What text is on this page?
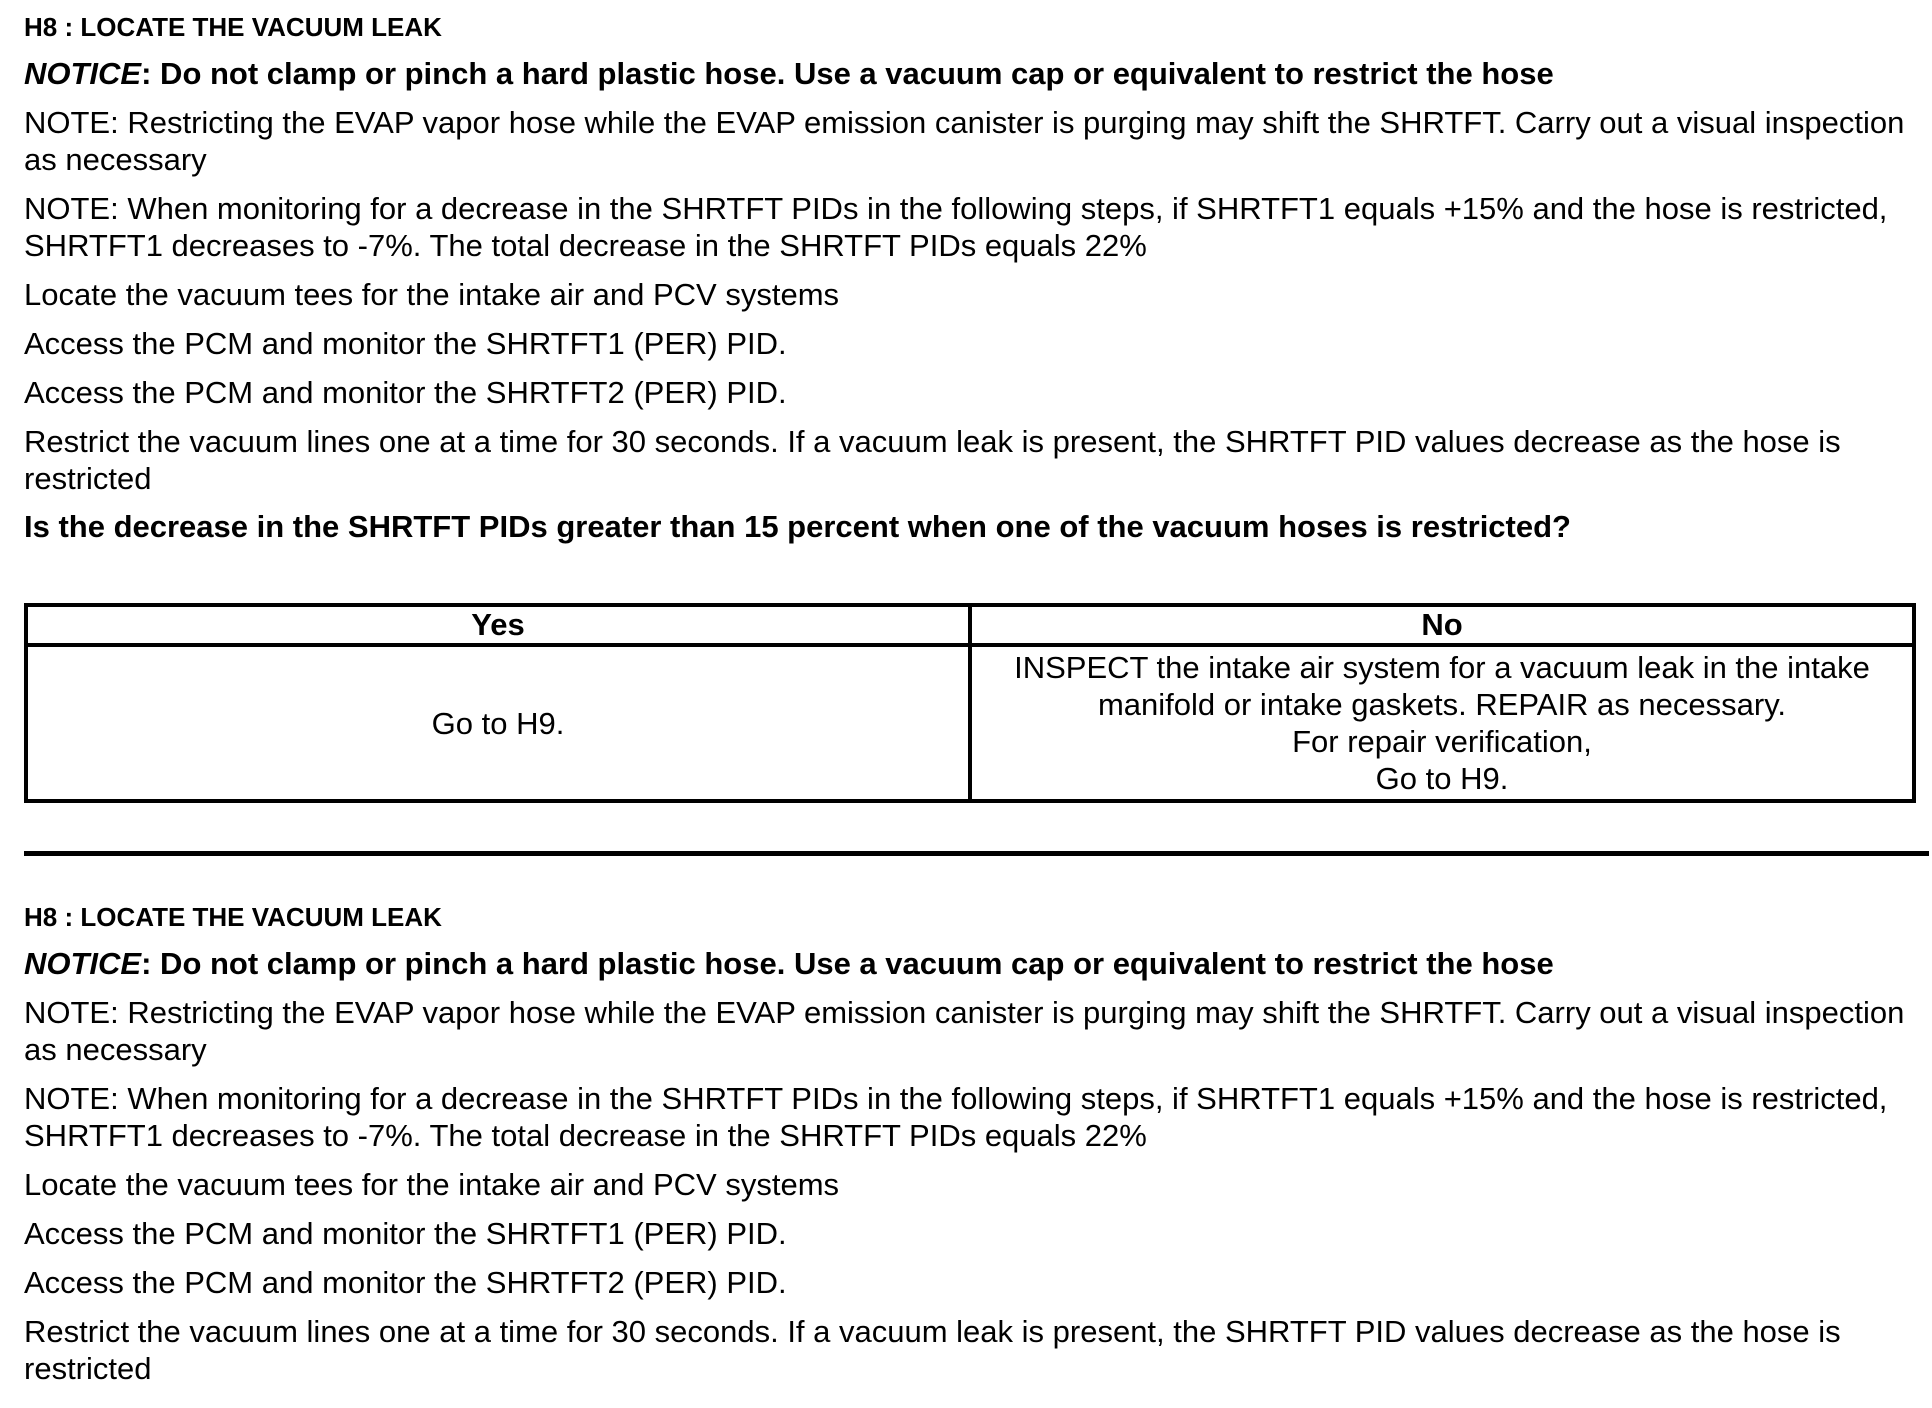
H8 : LOCATE THE VACUUM LEAK
NOTICE: Do not clamp or pinch a hard plastic hose. Use a vacuum cap or equivalent to restrict the hose
NOTE: Restricting the EVAP vapor hose while the EVAP emission canister is purging may shift the SHRTFT. Carry out a visual inspection as necessary
NOTE: When monitoring for a decrease in the SHRTFT PIDs in the following steps, if SHRTFT1 equals +15% and the hose is restricted, SHRTFT1 decreases to -7%. The total decrease in the SHRTFT PIDs equals 22%
Locate the vacuum tees for the intake air and PCV systems
Access the PCM and monitor the SHRTFT1 (PER) PID.
Access the PCM and monitor the SHRTFT2 (PER) PID.
Restrict the vacuum lines one at a time for 30 seconds. If a vacuum leak is present, the SHRTFT PID values decrease as the hose is restricted
Is the decrease in the SHRTFT PIDs greater than 15 percent when one of the vacuum hoses is restricted?
Yes	No
Go to H9.	INSPECT the intake air system for a vacuum leak in the intake
manifold or intake gaskets. REPAIR as necessary.
For repair verification,
Go to H9.
H8 : LOCATE THE VACUUM LEAK
NOTICE: Do not clamp or pinch a hard plastic hose. Use a vacuum cap or equivalent to restrict the hose
NOTE: Restricting the EVAP vapor hose while the EVAP emission canister is purging may shift the SHRTFT. Carry out a visual inspection as necessary
NOTE: When monitoring for a decrease in the SHRTFT PIDs in the following steps, if SHRTFT1 equals +15% and the hose is restricted, SHRTFT1 decreases to -7%. The total decrease in the SHRTFT PIDs equals 22%
Locate the vacuum tees for the intake air and PCV systems
Access the PCM and monitor the SHRTFT1 (PER) PID.
Access the PCM and monitor the SHRTFT2 (PER) PID.
Restrict the vacuum lines one at a time for 30 seconds. If a vacuum leak is present, the SHRTFT PID values decrease as the hose is restricted
